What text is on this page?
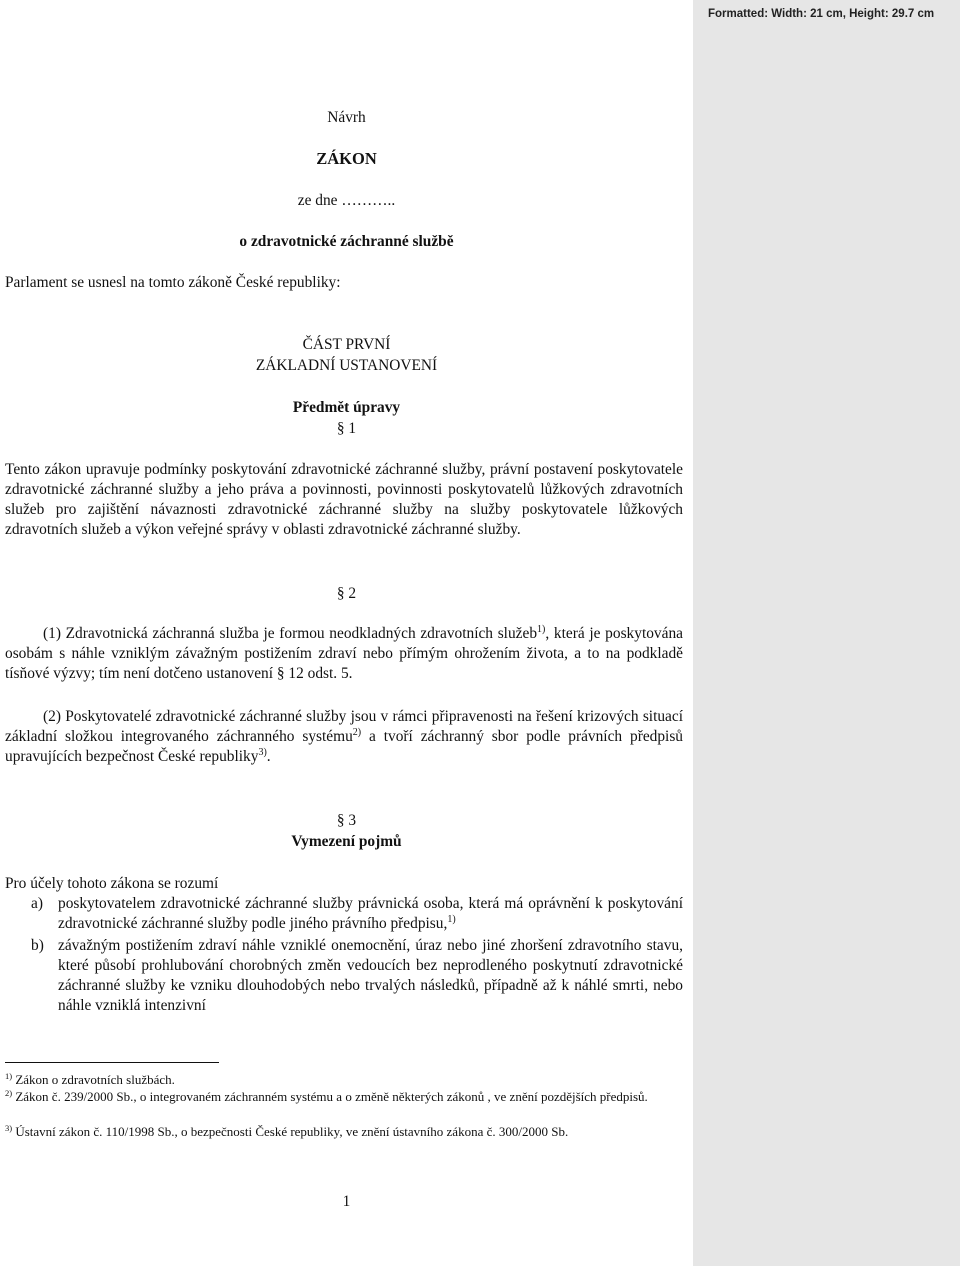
Návrh
ZÁKON
ze dne ………..
o zdravotnické záchranné službě
Parlament se usnesl na tomto zákoně České republiky:
ČÁST PRVNÍ
ZÁKLADNÍ USTANOVENÍ
Předmět úpravy
§ 1

Tento zákon upravuje podmínky poskytování zdravotnické záchranné služby, právní postavení poskytovatele zdravotnické záchranné služby a jeho práva a povinnosti, povinnosti poskytovatelů lůžkových zdravotních služeb pro zajištění návaznosti zdravotnické záchranné služby na služby poskytovatele lůžkových zdravotních služeb a výkon veřejné správy v oblasti zdravotnické záchranné služby.

§ 2

(1) Zdravotnická záchranná služba je formou neodkladných zdravotních služeb$^{1)}$, která je poskytována osobám s náhle vzniklým závažným postižením zdraví nebo přímým ohrožením života, a to na podkladě tísňové výzvy; tím není dotčeno ustanovení § 12 odst. 5.

(2) Poskytovatelé zdravotnické záchranné služby jsou v rámci připravenosti na řešení krizových situací základní složkou integrovaného záchranného systému$^{2)}$ a tvoří záchranný sbor podle právních předpisů upravujících bezpečnost České republiky$^{3)}$.

§ 3
Vymezení pojmů
Pro účely tohoto zákona se rozumí
a) poskytovatelem zdravotnické záchranné služby právnická osoba, která má oprávnění k poskytování zdravotnické záchranné služby podle jiného právního předpisu,$^{1)}$
b) závažným postižením zdraví náhle vzniklé onemocnění, úraz nebo jiné zhoršení zdravotního stavu, které působí prohlubování chorobných změn vedoucích bez neprodleného poskytnutí zdravotnické záchranné služby ke vzniku dlouhodobých nebo trvalých následků, případně až k náhlé smrti, nebo náhle vzniklá intenzivní
$^{1)}$ Zákon o zdravotních službách.
$^{2)}$ Zákon č. 239/2000 Sb., o integrovaném záchranném systému a o změně některých zákonů , ve znění pozdějších předpisů.
$^{3)}$ Ústavní zákon č. 110/1998 Sb., o bezpečnosti České republiky, ve znění ústavního zákona č. 300/2000 Sb.
1
Formatted: Width: 21 cm, Height: 29.7 cm
